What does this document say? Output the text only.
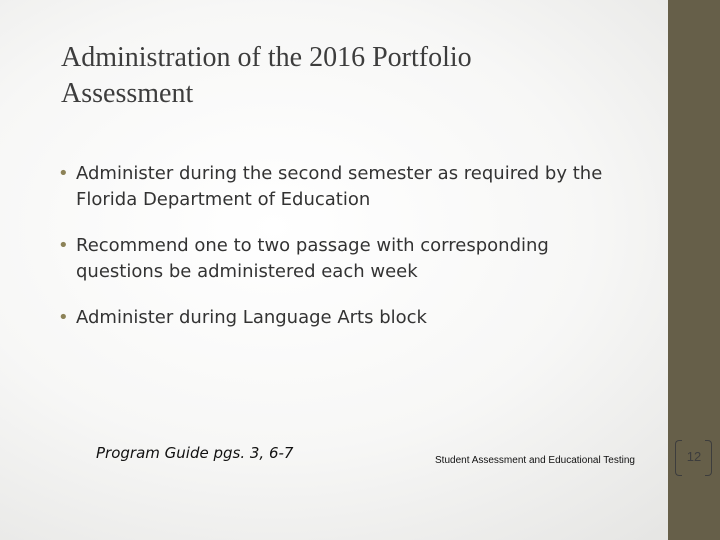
Administration of the 2016 Portfolio
Assessment
• Administer during the second semester as required by the
Florida Department of Education
• Recommend one to two passage with corresponding
questions be administered each week
• Administer during Language Arts block
Program Guide pgs. 3, 6-7	Student Assessment and Educational Testing	12
